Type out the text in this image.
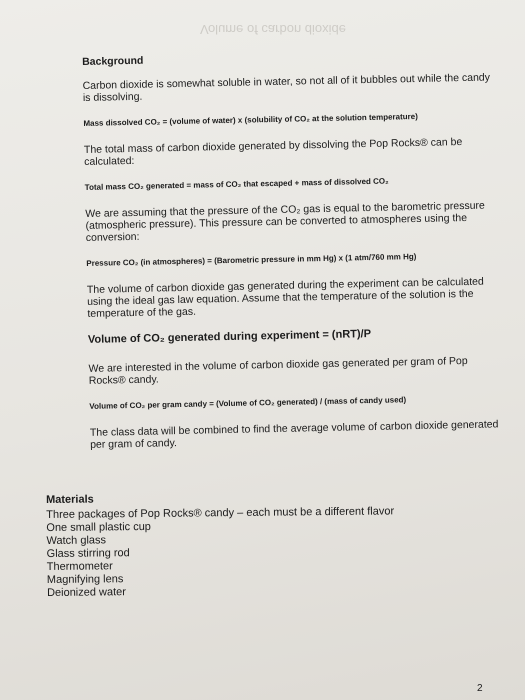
Volume of carbon dioxide
Background
Carbon dioxide is somewhat soluble in water, so not all of it bubbles out while the candy is dissolving.
Mass dissolved CO₂ = (volume of water) x (solubility of CO₂ at the solution temperature)
The total mass of carbon dioxide generated by dissolving the Pop Rocks® can be calculated:
Total mass CO₂ generated = mass of CO₂ that escaped + mass of dissolved CO₂
We are assuming that the pressure of the CO₂ gas is equal to the barometric pressure (atmospheric pressure). This pressure can be converted to atmospheres using the conversion:
Pressure CO₂ (in atmospheres) = (Barometric pressure in mm Hg) x (1 atm/760 mm Hg)
The volume of carbon dioxide gas generated during the experiment can be calculated using the ideal gas law equation. Assume that the temperature of the solution is the temperature of the gas.
Volume of CO₂ generated during experiment = (nRT)/P
We are interested in the volume of carbon dioxide gas generated per gram of Pop Rocks® candy.
Volume of CO₂ per gram candy = (Volume of CO₂ generated) / (mass of candy used)
The class data will be combined to find the average volume of carbon dioxide generated per gram of candy.
Materials
Three packages of Pop Rocks® candy – each must be a different flavor
One small plastic cup
Watch glass
Glass stirring rod
Thermometer
Magnifying lens
Deionized water
2
